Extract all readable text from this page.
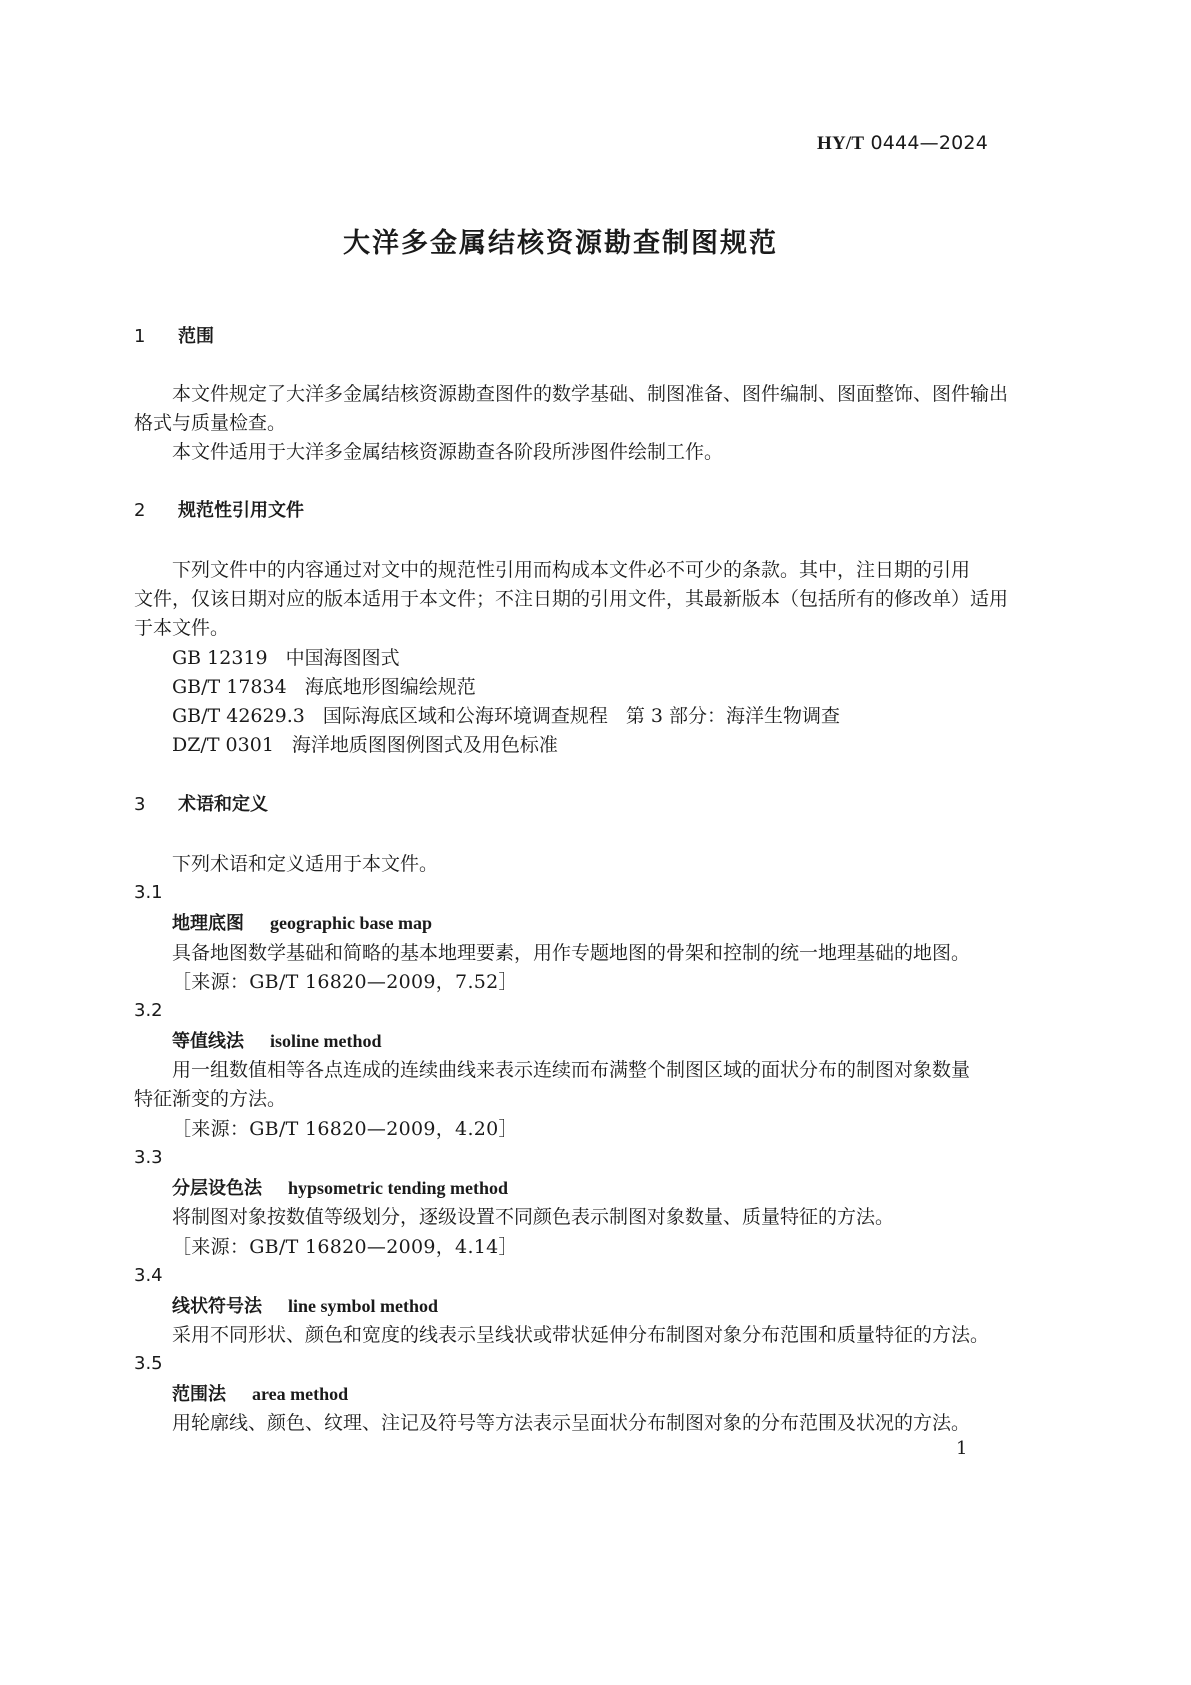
HY/T 0444—2024
大洋多金属结核资源勘查制图规范
1 范围
本文件规定了大洋多金属结核资源勘查图件的数学基础、制图准备、图件编制、图面整饰、图件输出
格式与质量检查。
本文件适用于大洋多金属结核资源勘查各阶段所涉图件绘制工作。
2 规范性引用文件
下列文件中的内容通过对文中的规范性引用而构成本文件必不可少的条款。其中，注日期的引用
文件，仅该日期对应的版本适用于本文件；不注日期的引用文件，其最新版本（包括所有的修改单）适用
于本文件。
GB 12319 中国海图图式
GB/T 17834 海底地形图编绘规范
GB/T 42629.3 国际海底区域和公海环境调查规程 第 3 部分：海洋生物调查
DZ/T 0301 海洋地质图图例图式及用色标准
3 术语和定义
下列术语和定义适用于本文件。
3.1
地理底图 geographic base map
具备地图数学基础和简略的基本地理要素，用作专题地图的骨架和控制的统一地理基础的地图。
［来源：GB/T 16820—2009，7.52］
3.2
等值线法 isoline method
用一组数值相等各点连成的连续曲线来表示连续而布满整个制图区域的面状分布的制图对象数量
特征渐变的方法。
［来源：GB/T 16820—2009，4.20］
3.3
分层设色法 hypsometric tending method
将制图对象按数值等级划分，逐级设置不同颜色表示制图对象数量、质量特征的方法。
［来源：GB/T 16820—2009，4.14］
3.4
线状符号法 line symbol method
采用不同形状、颜色和宽度的线表示呈线状或带状延伸分布制图对象分布范围和质量特征的方法。
3.5
范围法 area method
用轮廓线、颜色、纹理、注记及符号等方法表示呈面状分布制图对象的分布范围及状况的方法。
1
